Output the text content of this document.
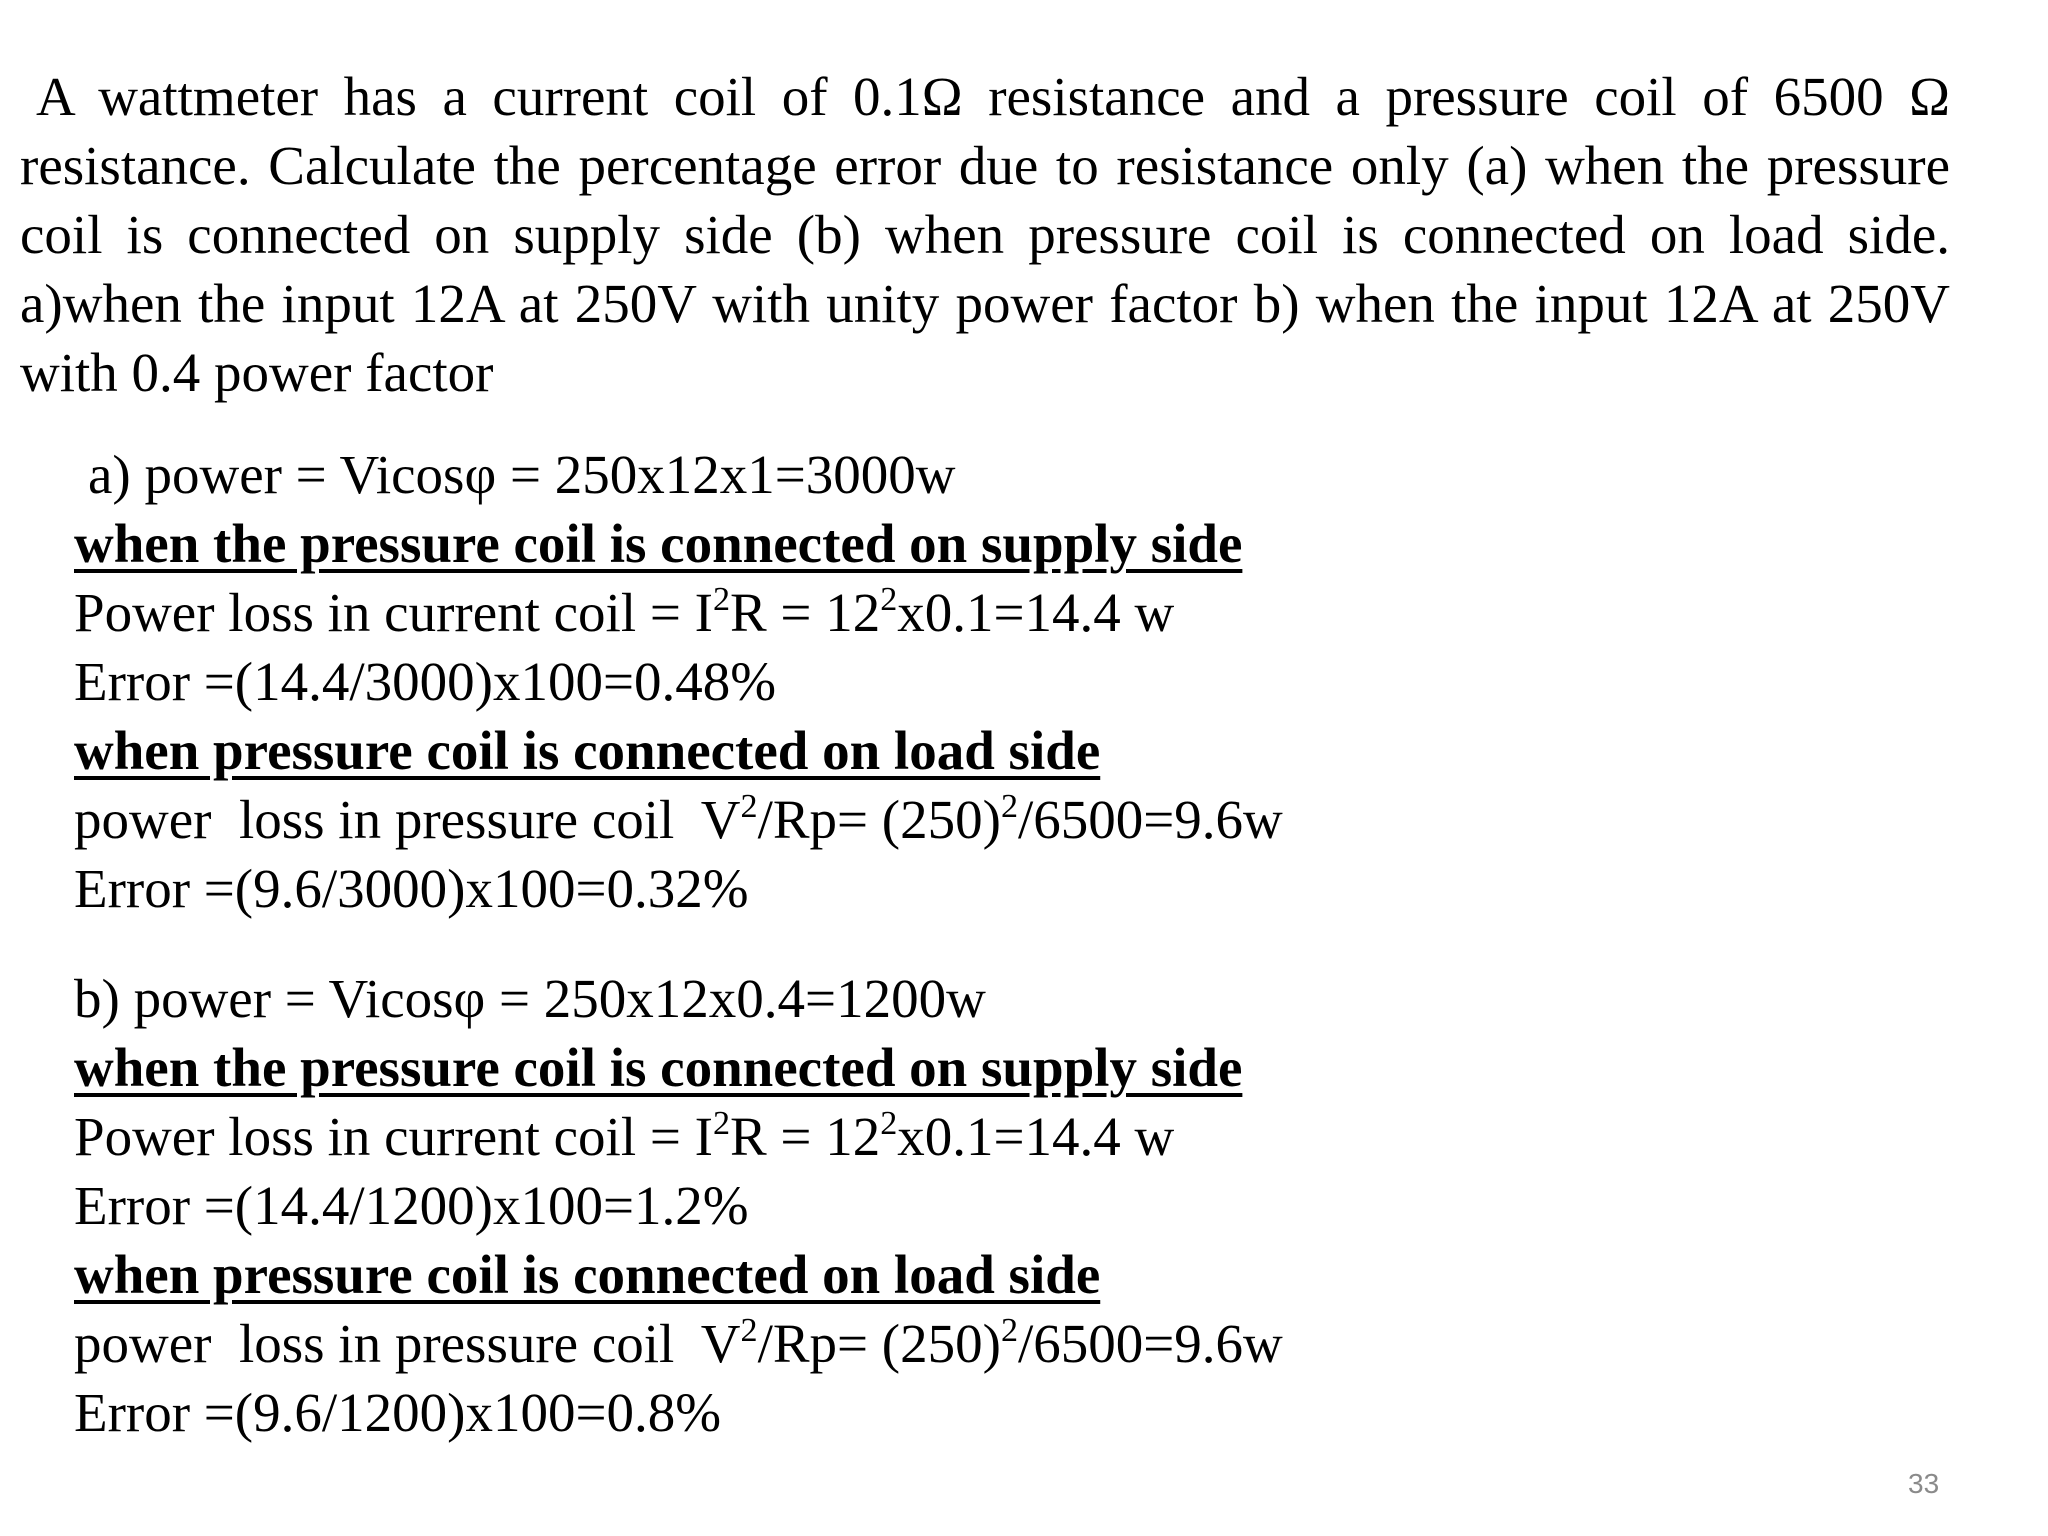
A wattmeter has a current coil of 0.1Ω resistance and a pressure coil of 6500 Ω resistance. Calculate the percentage error due to resistance only (a) when the pressure coil is connected on supply side (b) when pressure coil is connected on load side. a)when the input 12A at 250V with unity power factor b) when the input 12A at 250V with 0.4 power factor

a) power = Vicosφ = 250x12x1=3000w
when the pressure coil is connected on supply side
Power loss in current coil = $I^2R = 12^2x0.1=14.4$ w
Error =(14.4/3000)x100=0.48%
when pressure coil is connected on load side
power  loss in pressure coil  $V^2/Rp= (250)^2/6500=9.6w$
Error =(9.6/3000)x100=0.32%
b) power = Vicosφ = 250x12x0.4=1200w
when the pressure coil is connected on supply side
Power loss in current coil = $I^2R = 12^2x0.1=14.4$ w
Error =(14.4/1200)x100=1.2%
when pressure coil is connected on load side
power  loss in pressure coil  $V^2/Rp= (250)^2/6500=9.6w$
Error =(9.6/1200)x100=0.8%
33
